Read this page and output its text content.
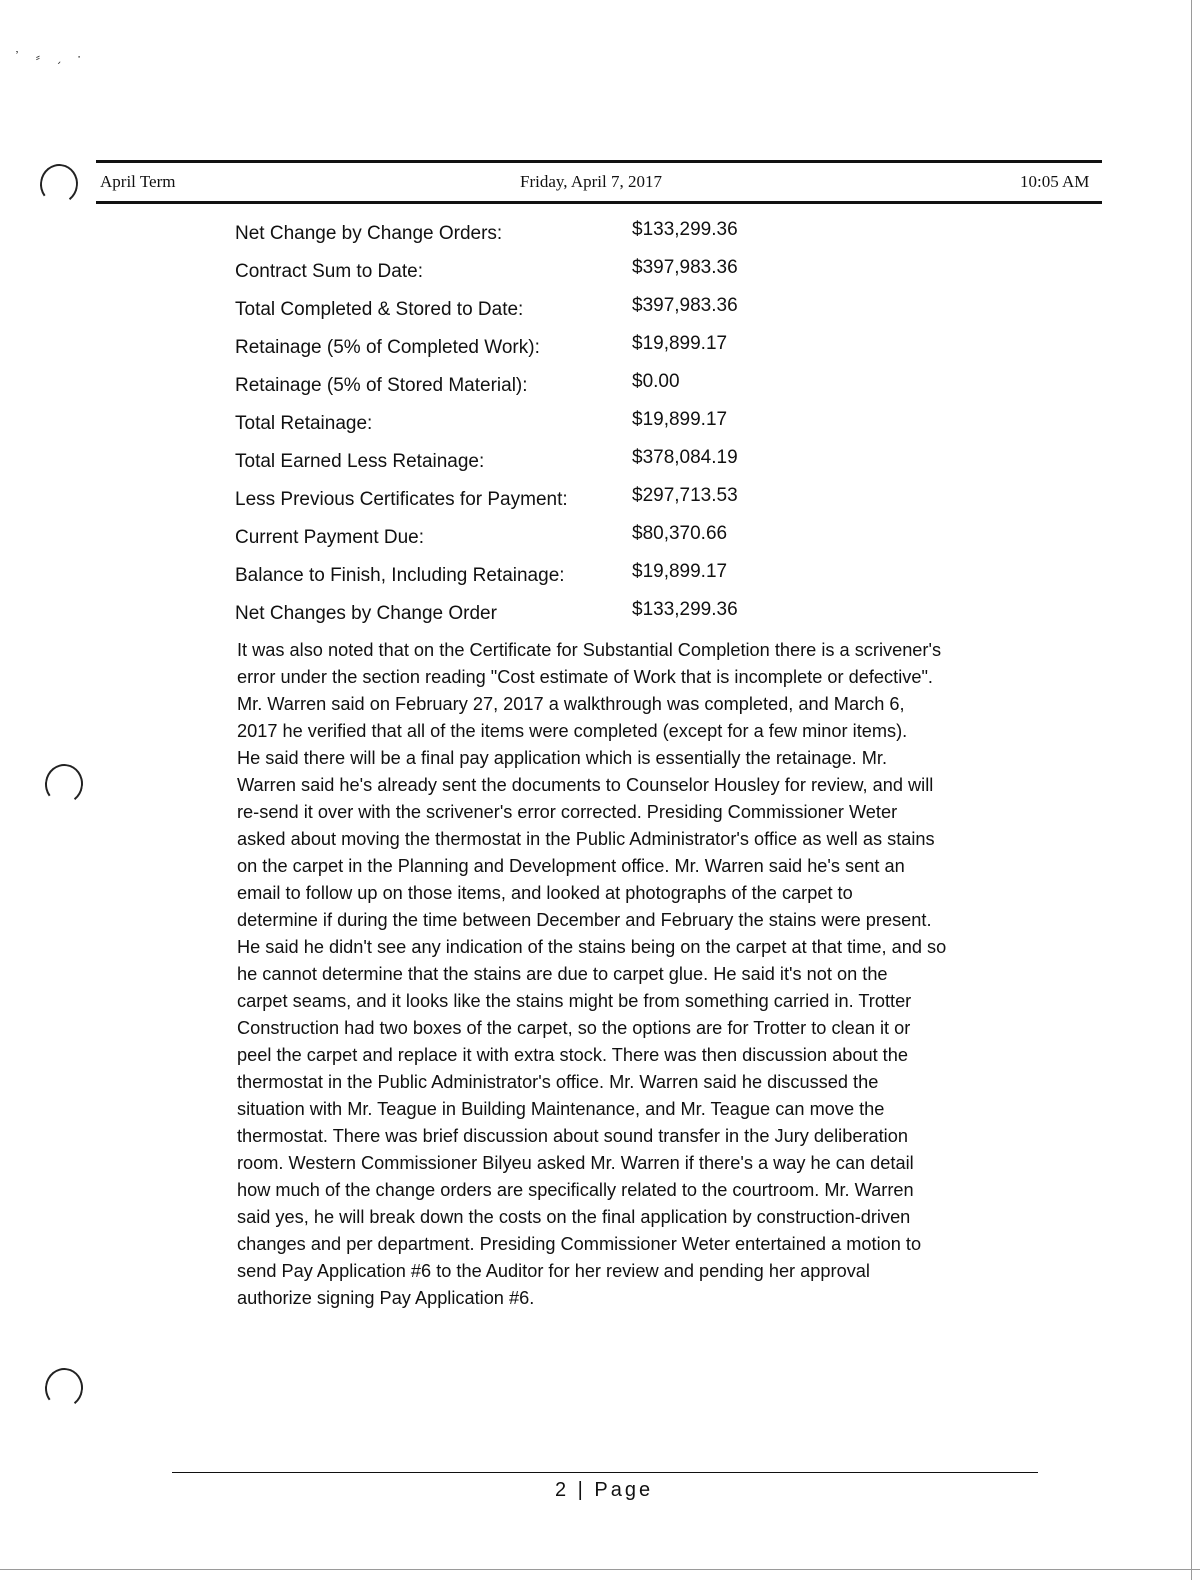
᾽ ⸗ ˏ ⸱
April Term	Friday, April 7, 2017	10:05 AM
Net Change by Change Orders:	$133,299.36
Contract Sum to Date:	$397,983.36
Total Completed & Stored to Date:	$397,983.36
Retainage (5% of Completed Work):	$19,899.17
Retainage (5% of Stored Material):	$0.00
Total Retainage:	$19,899.17
Total Earned Less Retainage:	$378,084.19
Less Previous Certificates for Payment:	$297,713.53
Current Payment Due:	$80,370.66
Balance to Finish, Including Retainage:	$19,899.17
Net Changes by Change Order	$133,299.36

It was also noted that on the Certificate for Substantial Completion there is a scrivener's
error under the section reading "Cost estimate of Work that is incomplete or defective".
Mr. Warren said on February 27, 2017 a walkthrough was completed, and March 6,
2017 he verified that all of the items were completed (except for a few minor items).
He said there will be a final pay application which is essentially the retainage. Mr.
Warren said he's already sent the documents to Counselor Housley for review, and will
re-send it over with the scrivener's error corrected. Presiding Commissioner Weter
asked about moving the thermostat in the Public Administrator's office as well as stains
on the carpet in the Planning and Development office. Mr. Warren said he's sent an
email to follow up on those items, and looked at photographs of the carpet to
determine if during the time between December and February the stains were present.
He said he didn't see any indication of the stains being on the carpet at that time, and so
he cannot determine that the stains are due to carpet glue. He said it's not on the
carpet seams, and it looks like the stains might be from something carried in. Trotter
Construction had two boxes of the carpet, so the options are for Trotter to clean it or
peel the carpet and replace it with extra stock. There was then discussion about the
thermostat in the Public Administrator's office. Mr. Warren said he discussed the
situation with Mr. Teague in Building Maintenance, and Mr. Teague can move the
thermostat. There was brief discussion about sound transfer in the Jury deliberation
room. Western Commissioner Bilyeu asked Mr. Warren if there's a way he can detail
how much of the change orders are specifically related to the courtroom. Mr. Warren
said yes, he will break down the costs on the final application by construction-driven
changes and per department. Presiding Commissioner Weter entertained a motion to
send Pay Application #6 to the Auditor for her review and pending her approval
authorize signing Pay Application #6.

2 | Page
